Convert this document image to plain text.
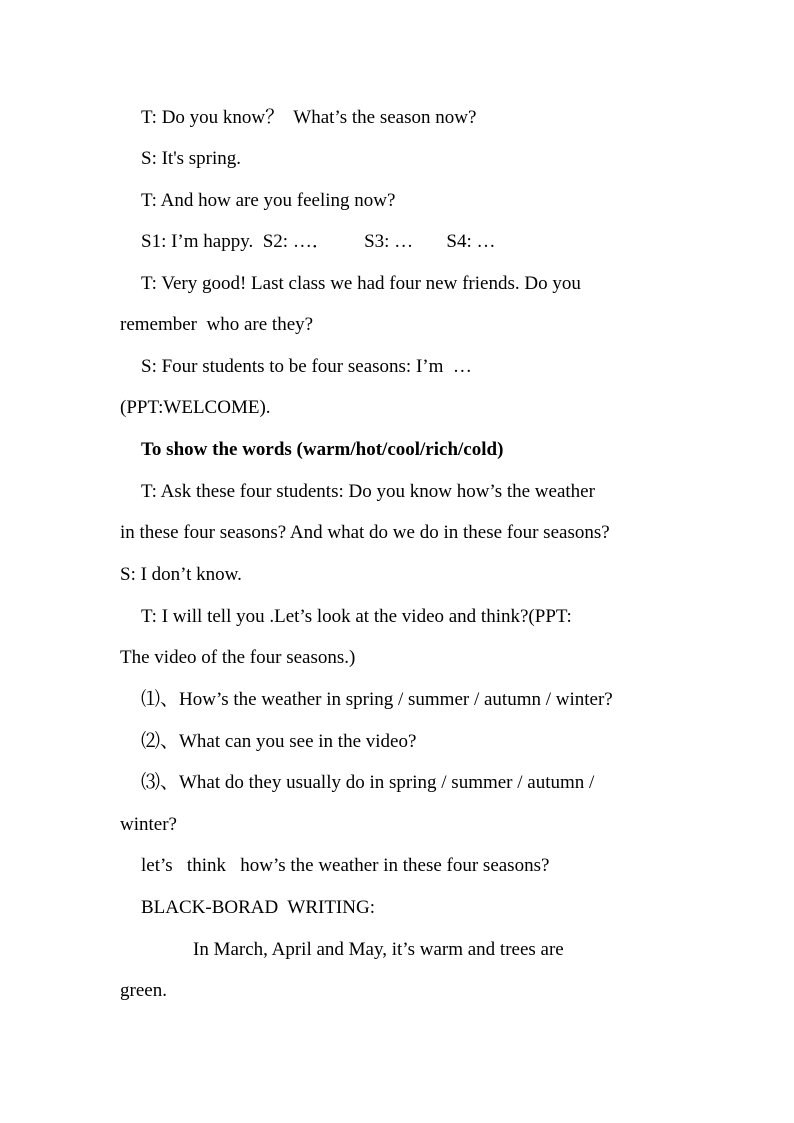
T: Do you know？  What’s the season now?
S: It's spring.
T: And how are you feeling now?
S1: I’m happy.  S2: …．       S3: …       S4: …
T: Very good! Last class we had four new friends. Do you
remember  who are they?
S: Four students to be four seasons: I’m  …
(PPT:WELCOME).
To show the words (warm/hot/cool/rich/cold)
T: Ask these four students: Do you know how’s the weather
in these four seasons? And what do we do in these four seasons?
S: I don’t know.
T: I will tell you .Let’s look at the video and think?(PPT:
The video of the four seasons.)
⑴、How’s the weather in spring / summer / autumn / winter?
⑵、What can you see in the video?
⑶、What do they usually do in spring / summer / autumn /
winter?
let’s   think   how’s the weather in these four seasons?
BLACK-BORAD  WRITING:
In March, April and May, it’s warm and trees are
green.
